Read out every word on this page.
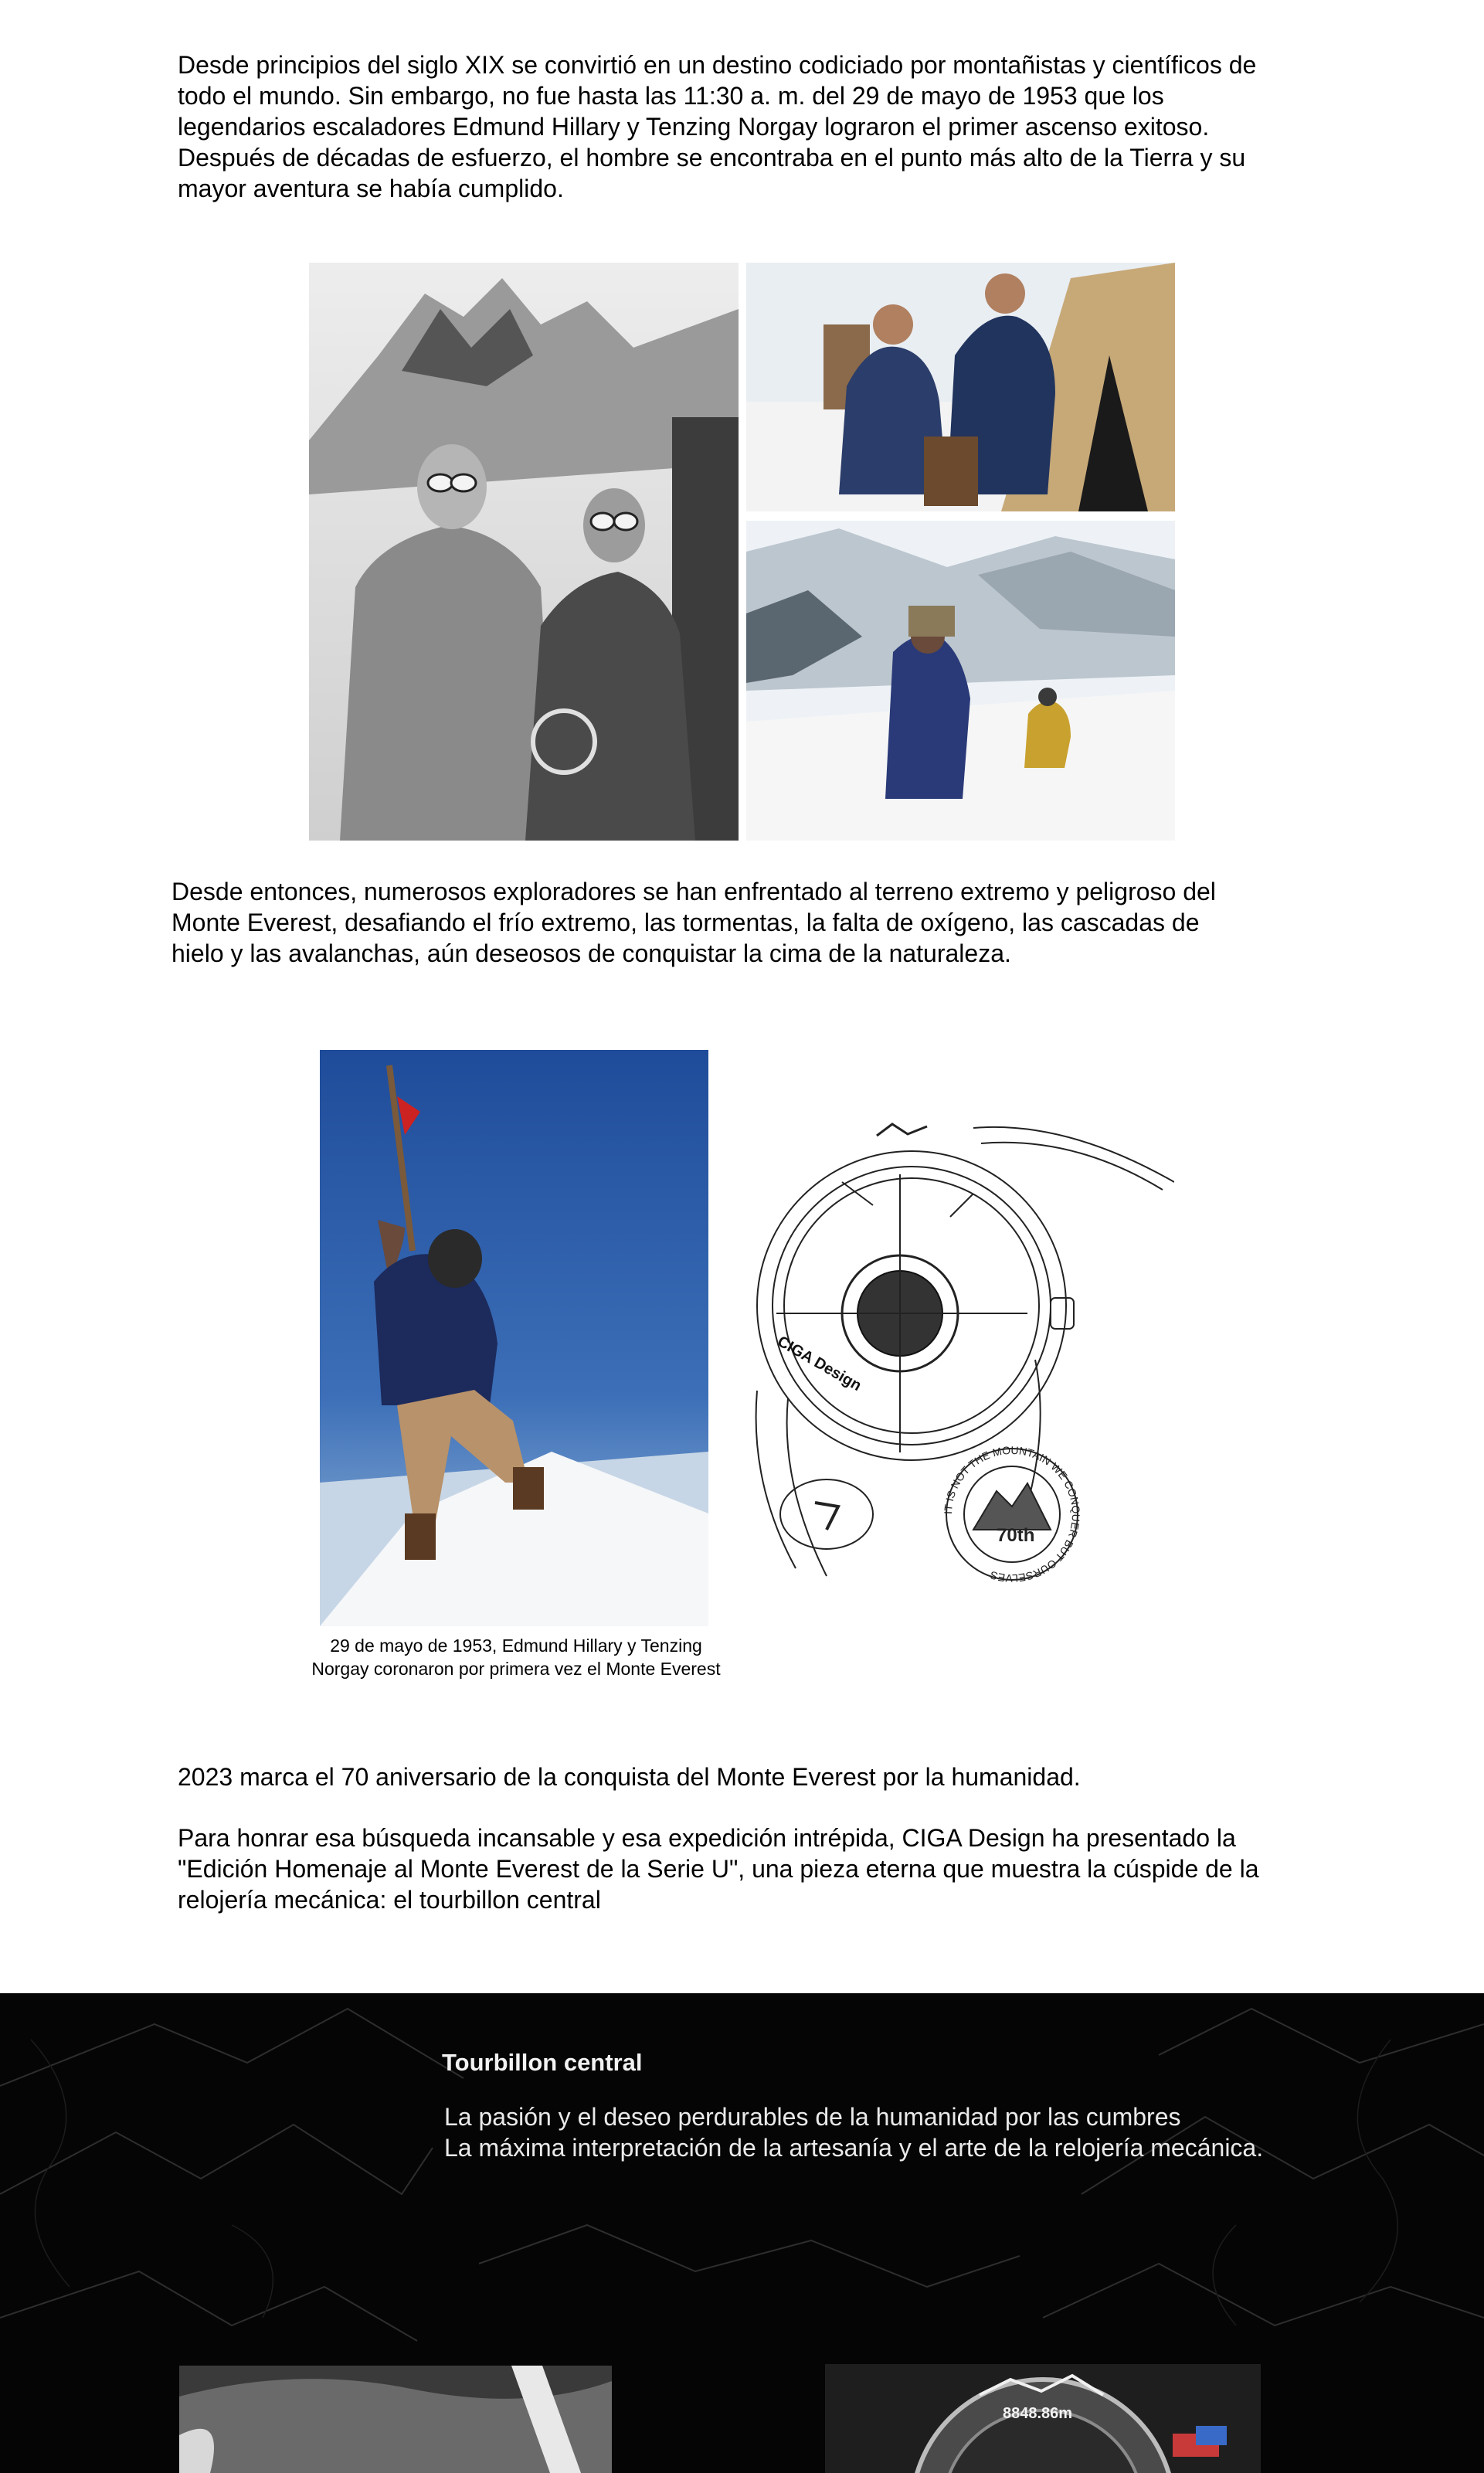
Desde principios del siglo XIX se convirtió en un destino codiciado por montañistas y científicos de
todo el mundo. Sin embargo, no fue hasta las 11:30 a. m. del 29 de mayo de 1953 que los
legendarios escaladores Edmund Hillary y Tenzing Norgay lograron el primer ascenso exitoso.
Después de décadas de esfuerzo, el hombre se encontraba en el punto más alto de la Tierra y su
mayor aventura se había cumplido.

Desde entonces, numerosos exploradores se han enfrentado al terreno extremo y peligroso del
Monte Everest, desafiando el frío extremo, las tormentas, la falta de oxígeno, las cascadas de
hielo y las avalanchas, aún deseosos de conquistar la cima de la naturaleza.

29 de mayo de 1953, Edmund Hillary y Tenzing
Norgay coronaron por primera vez el Monte Everest
CIGA Design
IT IS NOT THE MOUNTAIN WE CONQUER BUT OURSELVES
70th

2023 marca el 70 aniversario de la conquista del Monte Everest por la humanidad.

Para honrar esa búsqueda incansable y esa expedición intrépida, CIGA Design ha presentado la
"Edición Homenaje al Monte Everest de la Serie U", una pieza eterna que muestra la cúspide de la
relojería mecánica: el tourbillon central

Tourbillon central

La pasión y el deseo perdurables de la humanidad por las cumbres
La máxima interpretación de la artesanía y el arte de la relojería mecánica.

8848.86m
